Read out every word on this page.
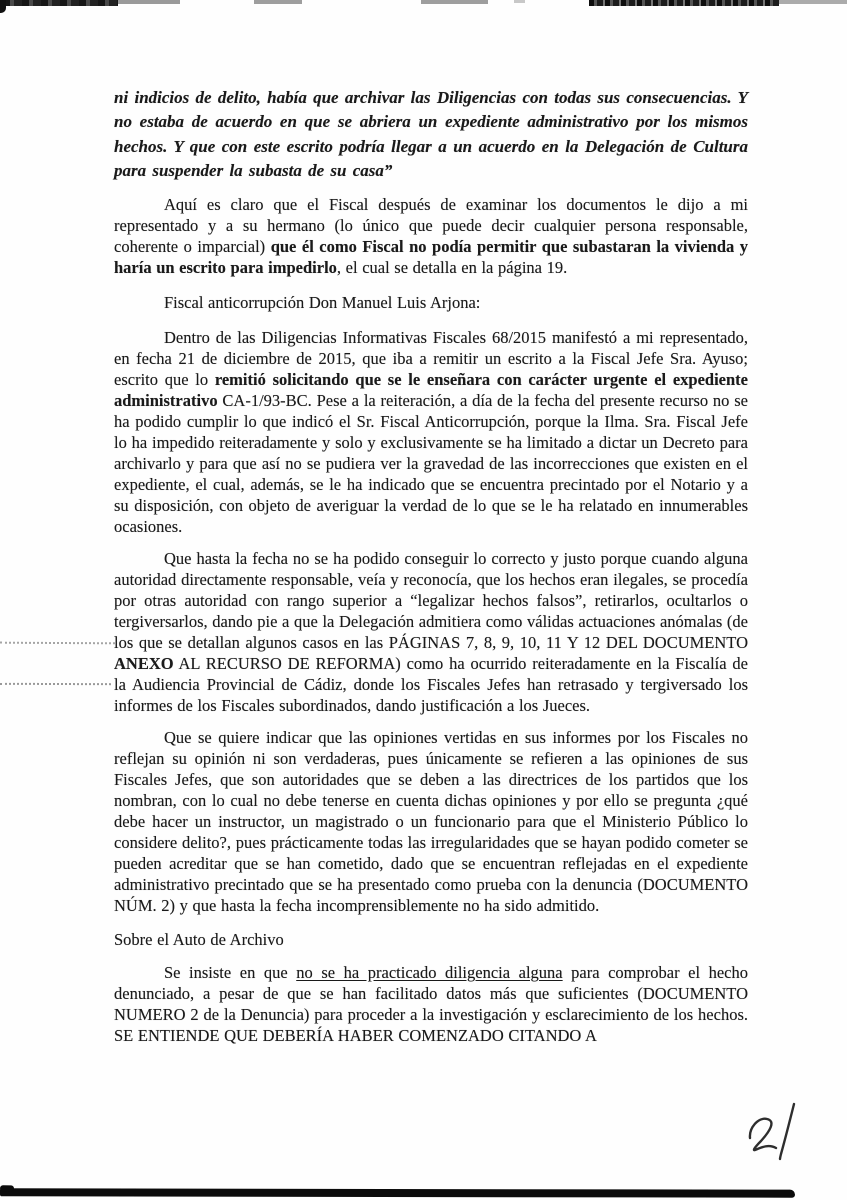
ni indicios de delito, había que archivar las Diligencias con todas sus consecuencias. Y no estaba de acuerdo en que se abriera un expediente administrativo por los mismos hechos. Y que con este escrito podría llegar a un acuerdo en la Delegación de Cultura para suspender la subasta de su casa”

Aquí es claro que el Fiscal después de examinar los documentos le dijo a mi representado y a su hermano (lo único que puede decir cualquier persona responsable, coherente o imparcial) que él como Fiscal no podía permitir que subastaran la vivienda y haría un escrito para impedirlo, el cual se detalla en la página 19.

Fiscal anticorrupción Don Manuel Luis Arjona:

Dentro de las Diligencias Informativas Fiscales 68/2015 manifestó a mi representado, en fecha 21 de diciembre de 2015, que iba a remitir un escrito a la Fiscal Jefe Sra. Ayuso; escrito que lo remitió solicitando que se le enseñara con carácter urgente el expediente administrativo CA-1/93-BC. Pese a la reiteración, a día de la fecha del presente recurso no se ha podido cumplir lo que indicó el Sr. Fiscal Anticorrupción, porque la Ilma. Sra. Fiscal Jefe lo ha impedido reiteradamente y solo y exclusivamente se ha limitado a dictar un Decreto para archivarlo y para que así no se pudiera ver la gravedad de las incorrecciones que existen en el expediente, el cual, además, se le ha indicado que se encuentra precintado por el Notario y a su disposición, con objeto de averiguar la verdad de lo que se le ha relatado en innumerables ocasiones.

Que hasta la fecha no se ha podido conseguir lo correcto y justo porque cuando alguna autoridad directamente responsable, veía y reconocía, que los hechos eran ilegales, se procedía por otras autoridad con rango superior a “legalizar hechos falsos”, retirarlos, ocultarlos o tergiversarlos, dando pie a que la Delegación admitiera como válidas actuaciones anómalas (de los que se detallan algunos casos en las PÁGINAS 7, 8, 9, 10, 11 Y 12 DEL DOCUMENTO ANEXO AL RECURSO DE REFORMA) como ha ocurrido reiteradamente en la Fiscalía de la Audiencia Provincial de Cádiz, donde los Fiscales Jefes han retrasado y tergiversado los informes de los Fiscales subordinados, dando justificación a los Jueces.

Que se quiere indicar que las opiniones vertidas en sus informes por los Fiscales no reflejan su opinión ni son verdaderas, pues únicamente se refieren a las opiniones de sus Fiscales Jefes, que son autoridades que se deben a las directrices de los partidos que los nombran, con lo cual no debe tenerse en cuenta dichas opiniones y por ello se pregunta ¿qué debe hacer un instructor, un magistrado o un funcionario para que el Ministerio Público lo considere delito?, pues prácticamente todas las irregularidades que se hayan podido cometer se pueden acreditar que se han cometido, dado que se encuentran reflejadas en el expediente administrativo precintado que se ha presentado como prueba con la denuncia (DOCUMENTO NÚM. 2) y que hasta la fecha incomprensiblemente no ha sido admitido.

Sobre el Auto de Archivo

Se insiste en que no se ha practicado diligencia alguna para comprobar el hecho denunciado, a pesar de que se han facilitado datos más que suficientes (DOCUMENTO NUMERO 2 de la Denuncia) para proceder a la investigación y esclarecimiento de los hechos. SE ENTIENDE QUE DEBERÍA HABER COMENZADO CITANDO A
